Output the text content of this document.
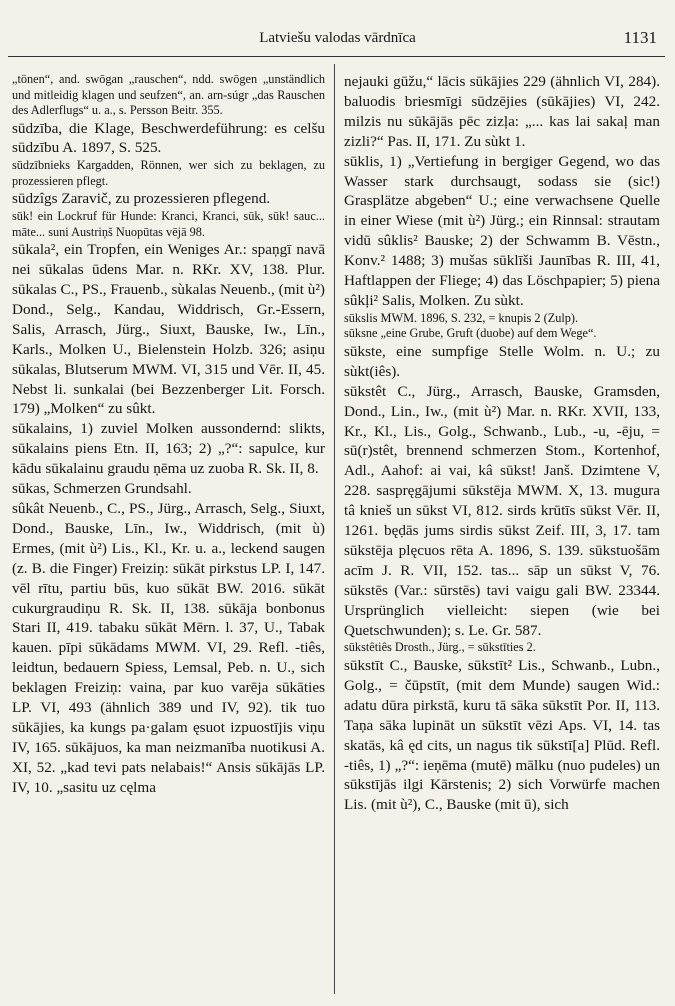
Latviešu valodas vārdnīca	1131

„tönen“, and. swōgan „rauschen“, ndd. swōgen „unständlich und mitleidig klagen und seufzen“, an. arn-súgr „das Rauschen des Adlerflugs“ u. a., s. Persson Beitr. 355.

sūdzība, die Klage, Beschwerdeführung: es celšu sūdzību A. 1897, S. 525.

sūdzībnieks Kargadden, Rönnen, wer sich zu beklagen, zu prozessieren pflegt.

sūdzîgs Zaravič, zu prozessieren pflegend.

sūk! ein Lockruf für Hunde: Kranci, Kranci, sūk, sūk! sauc... māte... suni Austriņš Nuopūtas vējā 98.

sūkala², ein Tropfen, ein Weniges Ar.: spaņgī navā nei sūkalas ūdens Mar. n. RKr. XV, 138. Plur. sūkalas C., PS., Frauenb., sùkalas Neuenb., (mit ù²) Dond., Selg., Kandau, Widdrisch, Gr.-Essern, Salis, Arrasch, Jürg., Siuxt, Bauske, Iw., Līn., Karls., Molken U., Bielenstein Holzb. 326; asiņu sūkalas, Blutserum MWM. VI, 315 und Vēr. II, 45. Nebst li. sunkalai (bei Bezzenberger Lit. Forsch. 179) „Molken“ zu sûkt.

sūkalains, 1) zuviel Molken aussondernd: slikts, sūkalains piens Etn. II, 163; 2) „?“: sapulce, kur kādu sūkalainu graudu ņēma uz zuoba R. Sk. II, 8.

sūkas, Schmerzen Grundsahl.

sûkât Neuenb., C., PS., Jürg., Arrasch, Selg., Siuxt, Dond., Bauske, Līn., Iw., Widdrisch, (mit ù) Ermes, (mit ù²) Lis., Kl., Kr. u. a., leckend saugen (z. B. die Finger) Freiziņ: sūkāt pirkstus LP. I, 147. vēl rītu, partiu būs, kuo sūkāt BW. 2016. sūkāt cukurgraudiņu R. Sk. II, 138. sūkāja bonbonus Stari II, 419. tabaku sūkāt Mērn. l. 37, U., Tabak kauen. pīpi sūkādams MWM. VI, 29. Refl. -tiês, leidtun, bedauern Spiess, Lemsal, Peb. n. U., sich beklagen Freiziņ: vaina, par kuo varēja sūkāties LP. VI, 493 (ähnlich 389 und IV, 92). tik tuo sūkājies, ka kungs pa·galam ęsuot izpuostījis viņu IV, 165. sūkājuos, ka man neizmanība nuotikusi A. XI, 52. „kad tevi pats nelabais!“ Ansis sūkājās LP. IV, 10. „sasitu uz cęlma

nejauki gūžu,“ lācis sūkājies 229 (ähnlich VI, 284). baluodis briesmīgi sūdzējies (sūkājies) VI, 242. milzis nu sūkājās pēc zizļa: „... kas lai sakaļ man zizli?“ Pas. II, 171. Zu sùkt 1.

sūklis, 1) „Vertiefung in bergiger Gegend, wo das Wasser stark durchsaugt, sodass sie (sic!) Grasplätze abgeben“ U.; eine verwachsene Quelle in einer Wiese (mit ù²) Jürg.; ein Rinnsal: strautam vidū sûklis² Bauske; 2) der Schwamm B. Vēstn., Konv.² 1488; 3) mušas sūklīši Jaunības R. III, 41, Haftlappen der Fliege; 4) das Löschpapier; 5) piena sûkļi² Salis, Molken. Zu sùkt.

sūkslis MWM. 1896, S. 232, = knupis 2 (Zulp).

sūksne „eine Grube, Gruft (duobe) auf dem Wege“.

sūkste, eine sumpfige Stelle Wolm. n. U.; zu sùkt(iês).

sūkstêt C., Jürg., Arrasch, Bauske, Gramsden, Dond., Lin., Iw., (mit ù²) Mar. n. RKr. XVII, 133, Kr., Kl., Lis., Golg., Schwanb., Lub., -u, -ēju, = sū(r)stêt, brennend schmerzen Stom., Kortenhof, Adl., Aahof: ai vai, kâ sūkst! Janš. Dzimtene V, 228. saspręgājumi sūkstēja MWM. X, 13. mugura tâ knieš un sūkst VI, 812. sirds krūtīs sūkst Vēr. II, 1261. bęḍās jums sirdis sūkst Zeif. III, 3, 17. tam sūkstēja plęcuos rēta A. 1896, S. 139. sūkstuošām acīm J. R. VII, 152. tas... sāp un sūkst V, 76. sūkstēs (Var.: sūrstēs) tavi vaigu gali BW. 23344. Ursprünglich vielleicht: siepen (wie bei Quetschwunden); s. Le. Gr. 587.

sūkstêtiês Drosth., Jürg., = sūkstīties 2.

sūkstīt C., Bauske, sūkstīt² Lis., Schwanb., Lubn., Golg., = čūpstīt, (mit dem Munde) saugen Wid.: adatu dūra pirkstā, kuru tā sāka sūkstīt Por. II, 113. Taņa sāka lupināt un sūkstīt vēzi Aps. VI, 14. tas skatās, kâ ęd cits, un nagus tik sūkstī[a] Plūd. Refl. -tiês, 1) „?“: ieņēma (mutē) mālku (nuo pudeles) un sūkstījās ilgi Kārstenis; 2) sich Vorwürfe machen Lis. (mit ù²), C., Bauske (mit ū), sich
